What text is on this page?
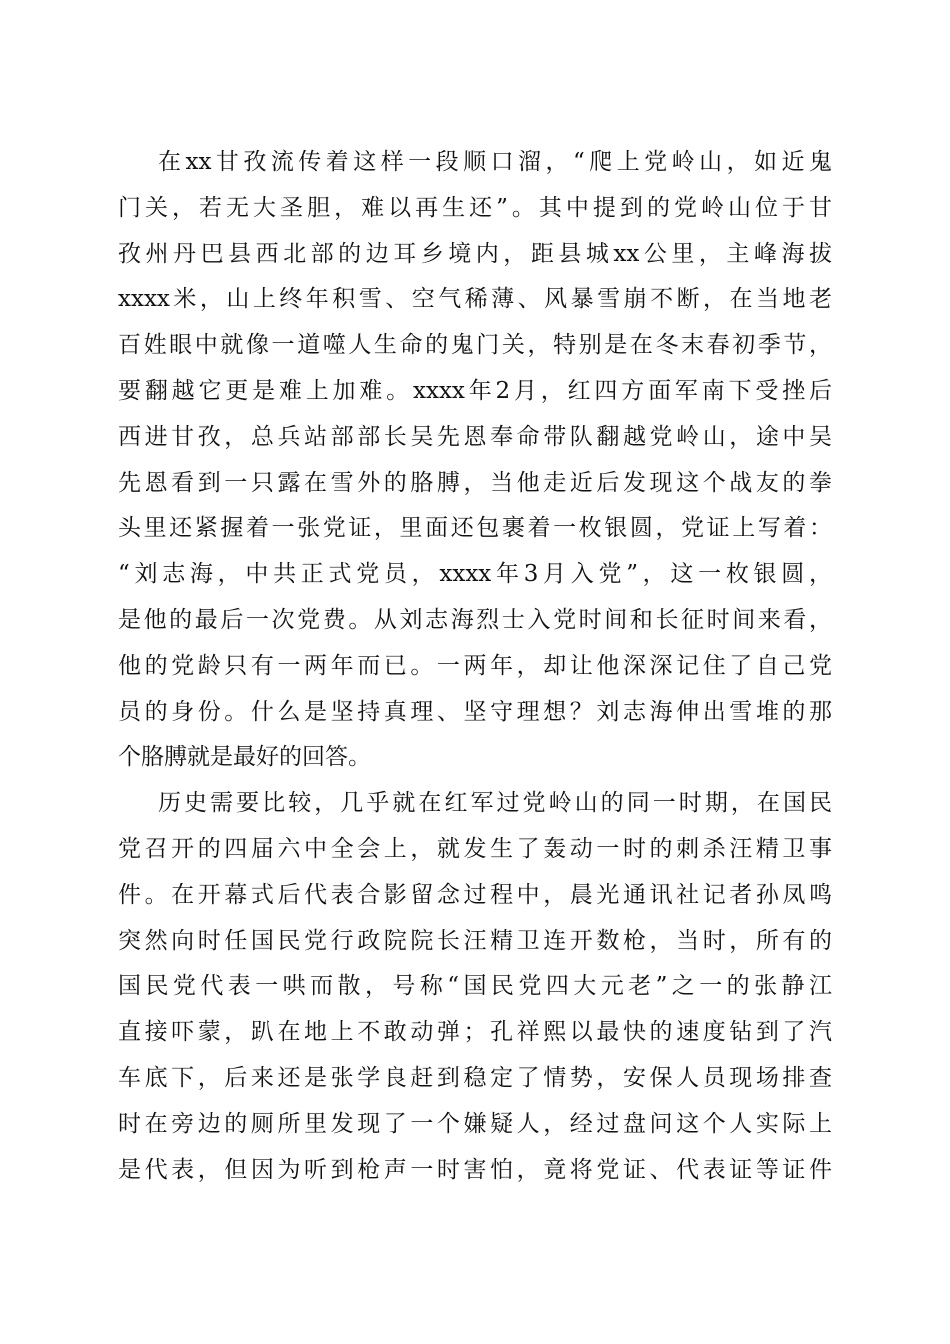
在xx甘孜流传着这样一段顺口溜，“爬上党岭山，如近鬼
门关，若无大圣胆，难以再生还”。其中提到的党岭山位于甘
孜州丹巴县西北部的边耳乡境内，距县城xx公里，主峰海拔
xxxx米，山上终年积雪、空气稀薄、风暴雪崩不断，在当地老
百姓眼中就像一道噬人生命的鬼门关，特别是在冬末春初季节，
要翻越它更是难上加难。xxxx年2月，红四方面军南下受挫后
西进甘孜，总兵站部部长吴先恩奉命带队翻越党岭山，途中吴
先恩看到一只露在雪外的胳膊，当他走近后发现这个战友的拳
头里还紧握着一张党证，里面还包裹着一枚银圆，党证上写着：
“刘志海，中共正式党员，xxxx年3月入党”，这一枚银圆，
是他的最后一次党费。从刘志海烈士入党时间和长征时间来看，
他的党龄只有一两年而已。一两年，却让他深深记住了自己党
员的身份。什么是坚持真理、坚守理想？刘志海伸出雪堆的那
个胳膊就是最好的回答。
历史需要比较，几乎就在红军过党岭山的同一时期，在国民
党召开的四届六中全会上，就发生了轰动一时的刺杀汪精卫事
件。在开幕式后代表合影留念过程中，晨光通讯社记者孙凤鸣
突然向时任国民党行政院院长汪精卫连开数枪，当时，所有的
国民党代表一哄而散，号称“国民党四大元老”之一的张静江
直接吓蒙，趴在地上不敢动弹；孔祥熙以最快的速度钻到了汽
车底下，后来还是张学良赶到稳定了情势，安保人员现场排查
时在旁边的厕所里发现了一个嫌疑人，经过盘问这个人实际上
是代表，但因为听到枪声一时害怕，竟将党证、代表证等证件
